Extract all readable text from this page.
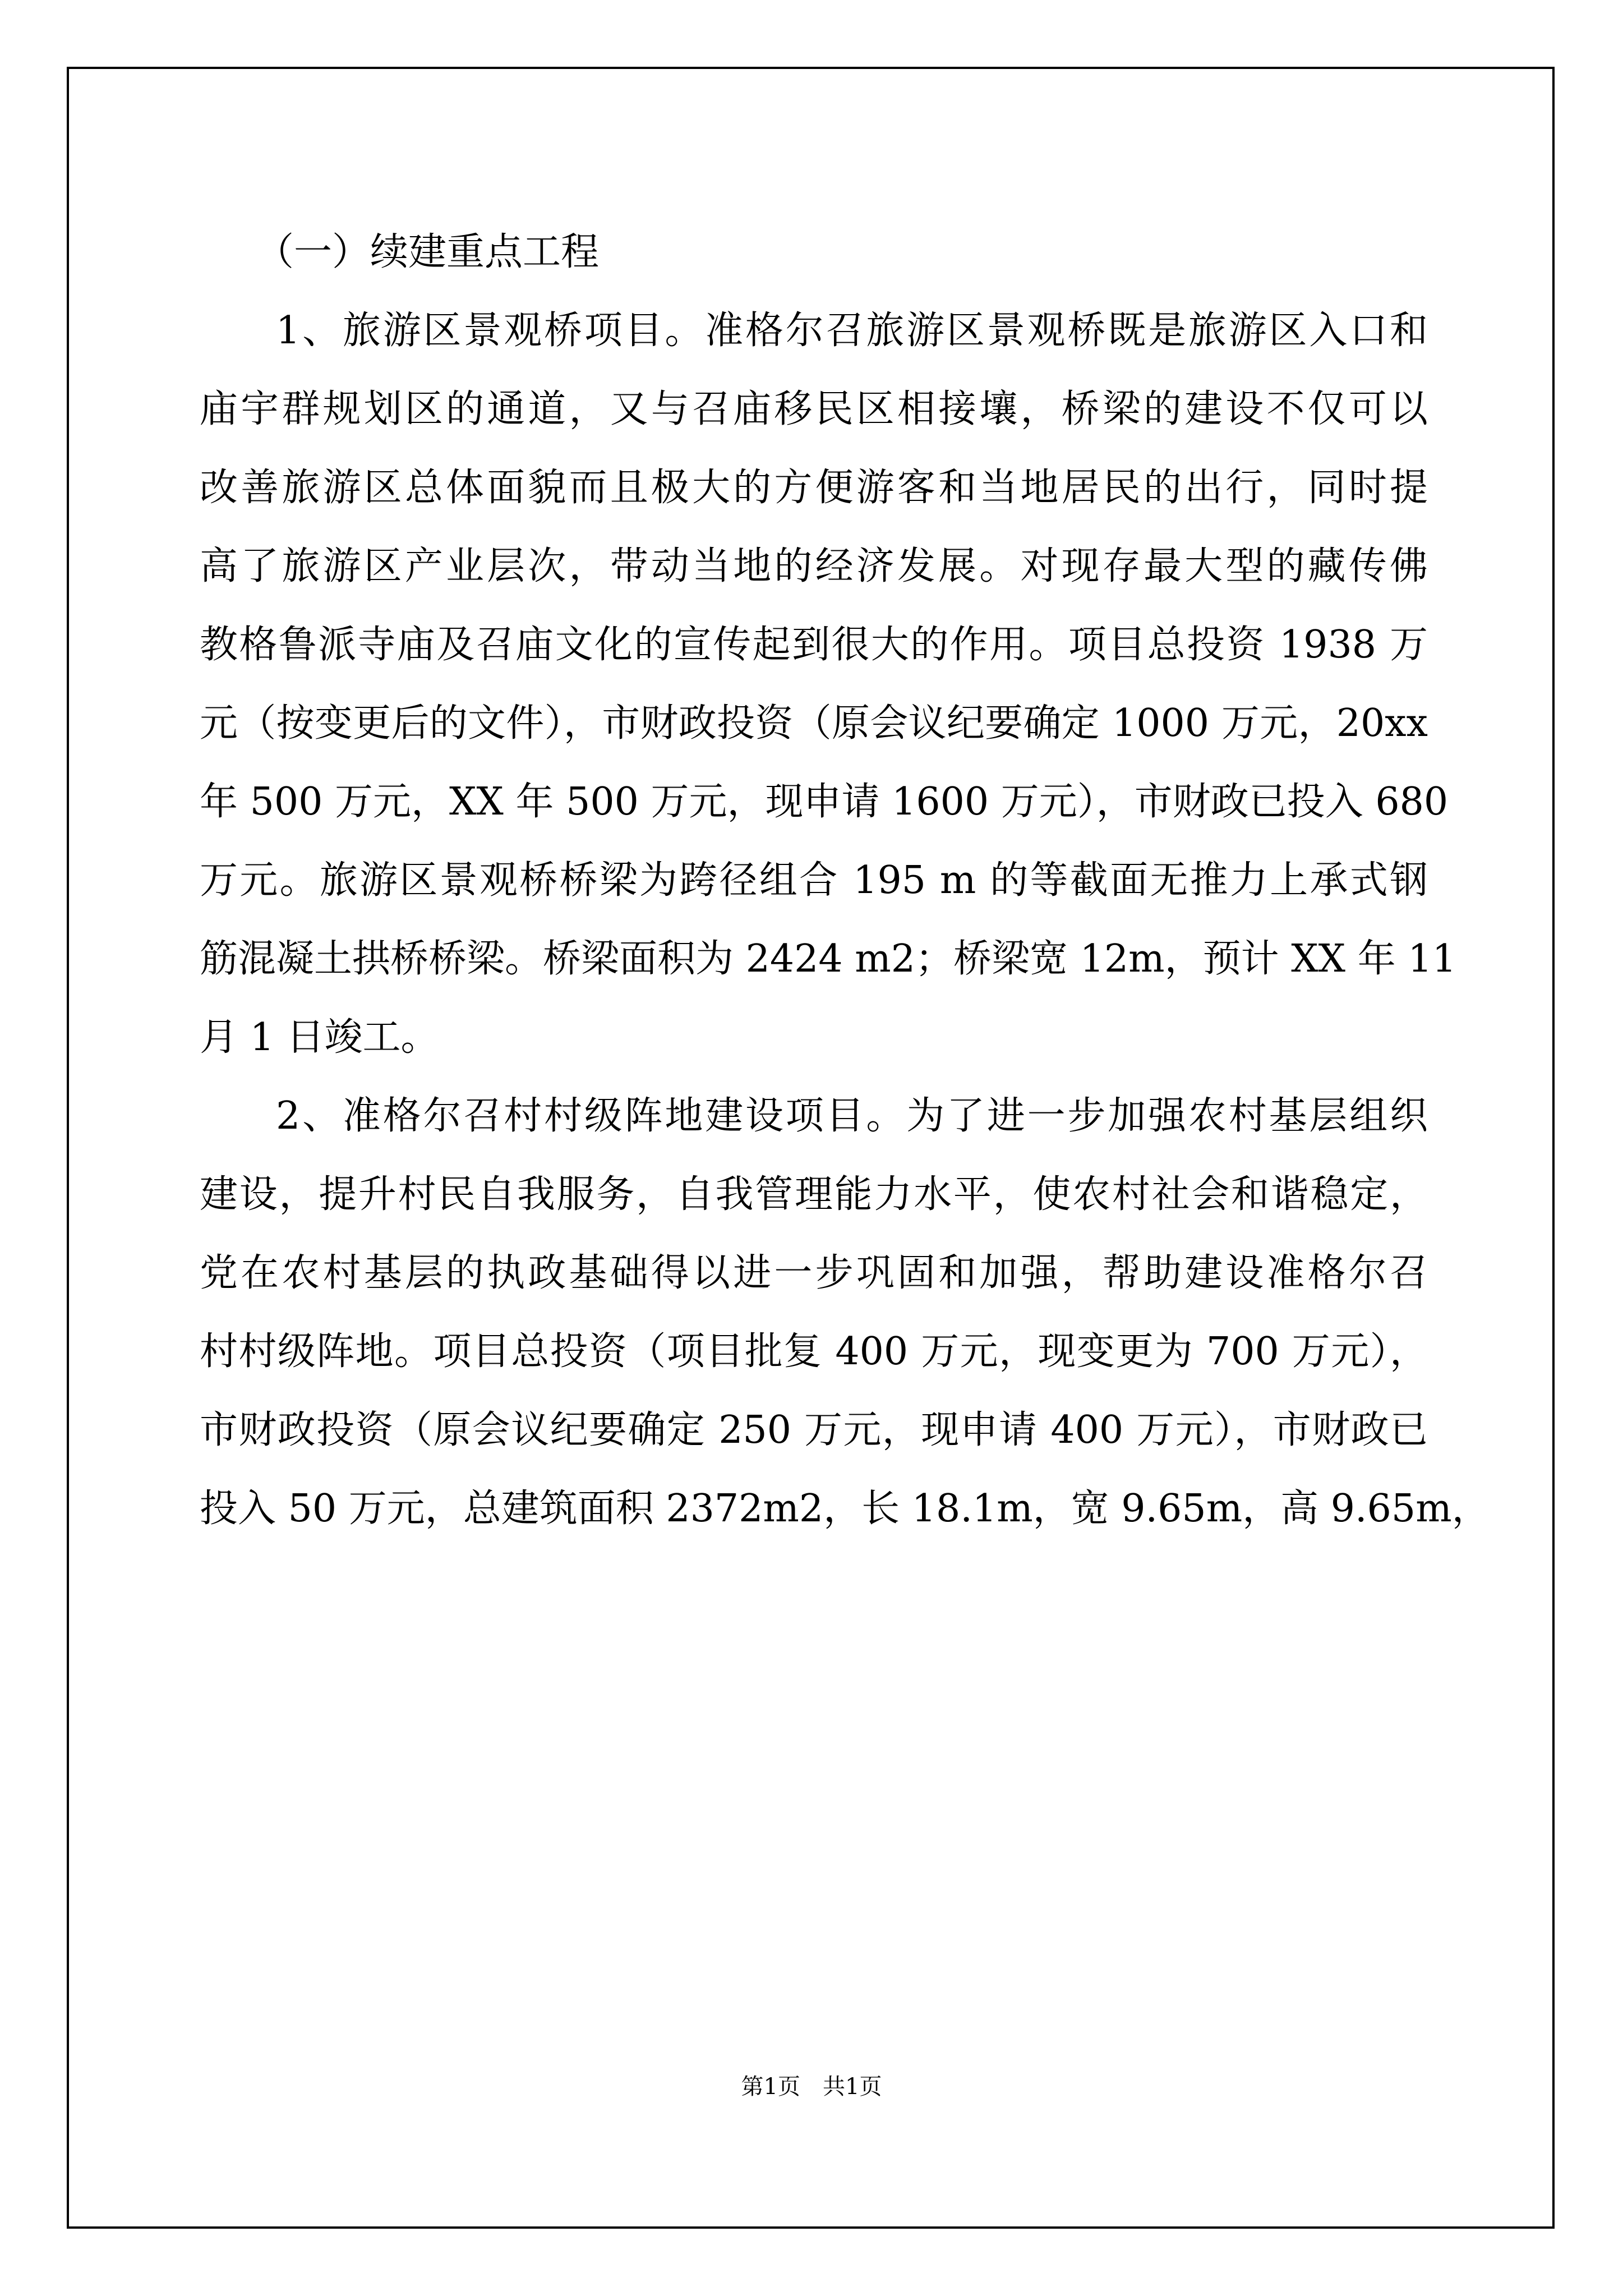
（一）续建重点工程
1、旅游区景观桥项目。准格尔召旅游区景观桥既是旅游区入口和
庙宇群规划区的通道，又与召庙移民区相接壤，桥梁的建设不仅可以
改善旅游区总体面貌而且极大的方便游客和当地居民的出行，同时提
高了旅游区产业层次，带动当地的经济发展。对现存最大型的藏传佛
教格鲁派寺庙及召庙文化的宣传起到很大的作用。项目总投资 1938 万
元（按变更后的文件），市财政投资（原会议纪要确定 1000 万元，20xx
年 500 万元，XX 年 500 万元，现申请 1600 万元），市财政已投入 680
万元。旅游区景观桥桥梁为跨径组合 195 m 的等截面无推力上承式钢
筋混凝土拱桥桥梁。桥梁面积为 2424 m2；桥梁宽 12m，预计 XX 年 11
月 1 日竣工。
2、准格尔召村村级阵地建设项目。为了进一步加强农村基层组织
建设，提升村民自我服务，自我管理能力水平，使农村社会和谐稳定，
党在农村基层的执政基础得以进一步巩固和加强，帮助建设准格尔召
村村级阵地。项目总投资（项目批复 400 万元，现变更为 700 万元），
市财政投资（原会议纪要确定 250 万元，现申请 400 万元），市财政已
投入 50 万元，总建筑面积 2372m2，长 18.1m，宽 9.65m，高 9.65m，
第1页　共1页
